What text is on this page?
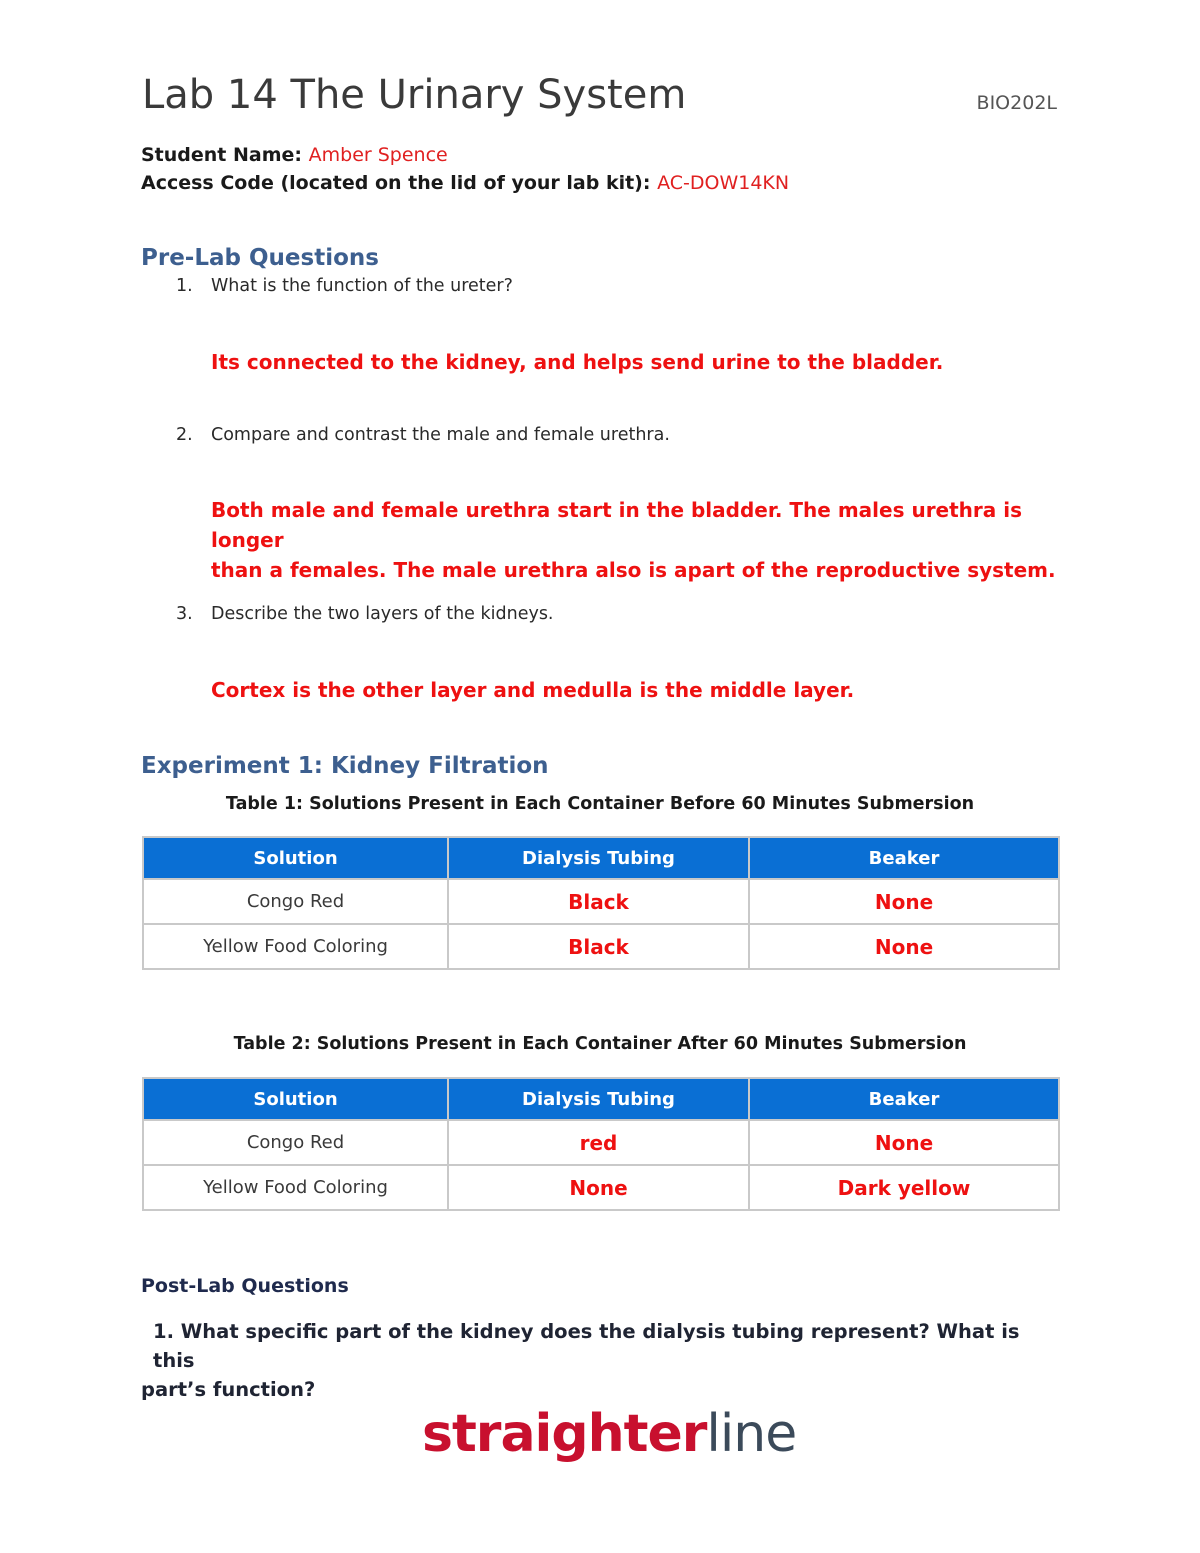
Lab 14 The Urinary System	BIO202L
Student Name: Amber Spence
Access Code (located on the lid of your lab kit): AC-DOW14KN
Pre-Lab Questions
1. What is the function of the ureter?
Its connected to the kidney, and helps send urine to the bladder.
2. Compare and contrast the male and female urethra.
Both male and female urethra start in the bladder. The males urethra is longer
than a females. The male urethra also is apart of the reproductive system.
3. Describe the two layers of the kidneys.
Cortex is the other layer and medulla is the middle layer.
Experiment 1: Kidney Filtration
Table 1: Solutions Present in Each Container Before 60 Minutes Submersion
Solution	Dialysis Tubing	Beaker
Congo Red	Black	None
Yellow Food Coloring	Black	None
Table 2: Solutions Present in Each Container After 60 Minutes Submersion
Solution	Dialysis Tubing	Beaker
Congo Red	red	None
Yellow Food Coloring	None	Dark yellow
Post-Lab Questions
1. What specific part of the kidney does the dialysis tubing represent? What is this
part’s function?
straighterline
